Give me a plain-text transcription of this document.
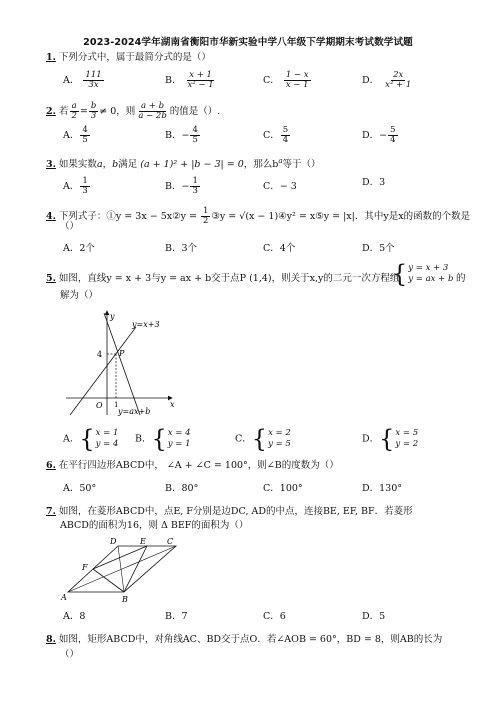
2023-2024学年湖南省衡阳市华新实验中学八年级下学期期末考试数学试题
1. 下列分式中，属于最简分式的是（）
A． $\frac{111}{3x}$	B． $\frac{x + 1}{\text{x² − 1}}$	C． $\frac{1 - x}{x - 1}$	D． $\frac{2x}{\text{x² + 1}}$
2. 若 $\frac{a}{2} = \frac{b}{3} \ne 0$，则 $\frac{a + b}{a - 2b}$ 的值是（）.
A． $\frac{4}{5}$	B．− $\frac{4}{5}$	C． $\frac{5}{4}$	D．− $\frac{5}{4}$
3. 如果实数a，b满足 (a + 1)² + |b − 3| = 0，那么$b^a$等于（）
A． $\frac{1}{3}$	B．− $\frac{1}{3}$	C．− 3	D．3
4. 下列式子：①y = 3x − 5x②y = $\frac{1}{2}$ ③y = √(x − 1)④y² = x⑤y = |x|．其中y是x的函数的个数是
（）
A．2个	B．3个	C．4个	D．5个
5. 如图，直线y = x + 3与y = ax + b交于点P (1,4)，则关于x,y的二元一次方程组
{ y = x + 3
y = ax + b 的
解为（）
y
x
O
4
1
P
y=x+3
y=ax+b
A． { x = 1
y = 4 B． { x = 4
y = 1	C． { x = 2
y = 5	D． { x = 5
y = 2
6. 在平行四边形ABCD中， ∠A + ∠C = 100°，则∠B的度数为（）
A．50°	B．80°	C．100°	D．130°
7. 如图，在菱形ABCD中，点E, F分别是边DC, AD的中点，连接BE, EF, BF．若菱形
ABCD的面积为16，则 Δ BEF的面积为（）
A	B
C
D	E
F
A．8	B．7	C．6	D．5
8. 如图，矩形ABCD中，对角线AC、BD交于点O．若∠AOB = 60°，BD = 8，则AB的长为
（）
